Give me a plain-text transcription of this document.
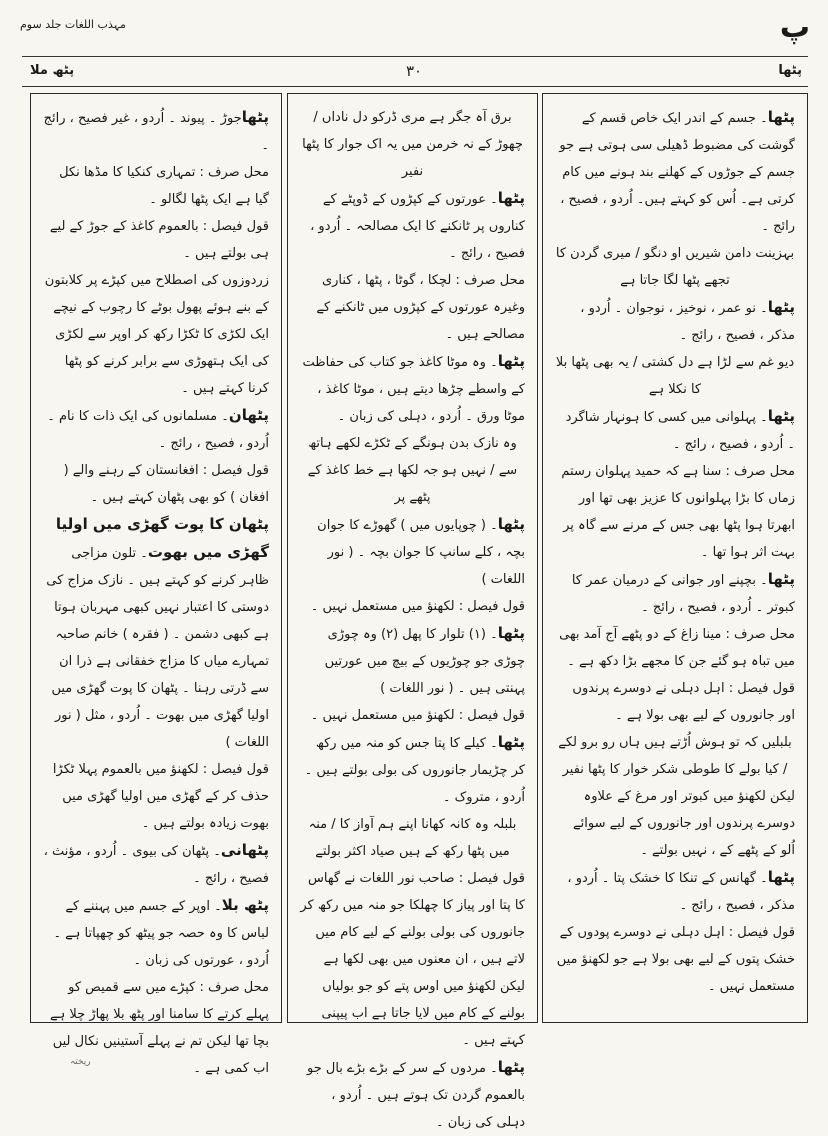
پ
مہذب اللغات جلد سوم
پٹھا
۳۰
پٹھ ملا

پٹھا۔ جسم کے اندر ایک خاص قسم کے گوشت کی مضبوط ڈھیلی سی ہوتی ہے جو جسم کے جوڑوں کے کھلنے بند ہونے میں کام کرتی ہے۔ اُس کو کہتے ہیں۔ اُردو ، فصیح ، رائج ۔

بہزینت دامن شیریں او دنگو / میری گردن کا تجھے پٹھا لگا جاتا ہے

پٹھا۔ نو عمر ، نوخیز ، نوجوان ۔ اُردو ، مذکر ، فصیح ، رائج ۔

دیو غم سے لڑا ہے دل کشتی / یہ بھی پٹھا بلا کا نکلا ہے

پٹھا۔ پہلوانی میں کسی کا ہونہار شاگرد ۔ اُردو ، فصیح ، رائج ۔

محل صرف : سنا ہے کہ حمید پہلوان رستم زماں کا بڑا پہلوانوں کا عزیز بھی تھا اور ابھرتا ہوا پٹھا بھی جس کے مرنے سے گاہ پر بہت اثر ہوا تھا ۔

پٹھا۔ بچپنے اور جوانی کے درمیان عمر کا کبوتر ۔ اُردو ، فصیح ، رائج ۔

محل صرف : مینا زاغ کے دو پٹھے آج آمد بھی میں تباہ ہو گئے جن کا مجھے بڑا دکھ ہے ۔

قول فیصل : اہل دہلی نے دوسرے پرندوں اور جانوروں کے لیے بھی بولا ہے ۔

بلبلیں کہ تو ہوش اُڑتے ہیں ہاں رو برو لکے / کیا بولے کا طوطی شکر خوار کا پٹھا نفیر

لیکن لکھنؤ میں کبوتر اور مرغ کے علاوہ دوسرے پرندوں اور جانوروں کے لیے سوائے اُلو کے پٹھے کے ، نہیں بولتے ۔

پٹھا۔ گھانس کے تنکا کا خشک پتا ۔ اُردو ، مذکر ، فصیح ، رائج ۔

قول فیصل : اہل دہلی نے دوسرے پودوں کے خشک پتوں کے لیے بھی بولا ہے جو لکھنؤ میں مستعمل نہیں ۔

برق آہ جگر ہے مری ڈرکو دل ناداں / چھوڑ کے نہ خرمن میں یہ اک جوار کا پٹھا نفیر

پٹھا۔ عورتوں کے کپڑوں کے ڈوپٹے کے کناروں پر ٹانکنے کا ایک مصالحہ ۔ اُردو ، فصیح ، رائج ۔

محل صرف : لچکا ، گوٹا ، پٹھا ، کناری وغیرہ عورتوں کے کپڑوں میں ٹانکنے کے مصالحے ہیں ۔

پٹھا۔ وہ موٹا کاغذ جو کتاب کی حفاظت کے واسطے چڑھا دیتے ہیں ، موٹا کاغذ ، موٹا ورق ۔ اُردو ، دہلی کی زبان ۔

وہ نازک بدن ہونگے کے ٹکڑے لکھے ہاتھ سے / نہیں ہو جہ لکھا ہے خط کاغذ کے پٹھے پر

پٹھا۔ ( چوپایوں میں ) گھوڑے کا جوان بچہ ، کلے سانپ کا جوان بچہ ۔ ( نور اللغات )

قول فیصل : لکھنؤ میں مستعمل نہیں ۔

پٹھا۔ (۱) تلوار کا پھل (۲) وہ چوڑی چوڑی جو چوڑیوں کے بیچ میں عورتیں پہنتی ہیں ۔ ( نور اللغات )

قول فیصل : لکھنؤ میں مستعمل نہیں ۔

پٹھا۔ کیلے کا پتا جس کو منہ میں رکھ کر چڑیمار جانوروں کی بولی بولتے ہیں ۔ اُردو ، متروک ۔

بلبلہ وہ کانہ کھانا اپنے ہم آواز کا / منہ میں پٹھا رکھ کے ہیں صیاد اکثر بولتے

قول فیصل : صاحب نور اللغات نے گھاس کا پتا اور پیاز کا چھلکا جو منہ میں رکھ کر جانوروں کی بولی بولنے کے لیے کام میں لاتے ہیں ، ان معنوں میں بھی لکھا ہے لیکن لکھنؤ میں اوس پتے کو جو بولیاں بولنے کے کام میں لایا جاتا ہے اب پیپنی کہتے ہیں ۔

پٹھا۔ مردوں کے سر کے بڑے بڑے بال جو بالعموم گردن تک ہوتے ہیں ۔ اُردو ، دہلی کی زبان ۔

پٹھاجوڑ ۔ پیوند ۔ اُردو ، غیر فصیح ، رائج ۔

محل صرف : تمہاری کنکیا کا مڈھا نکل گیا ہے ایک پٹھا لگالو ۔

قول فیصل : بالعموم کاغذ کے جوڑ کے لیے ہی بولتے ہیں ۔

زردوزوں کی اصطلاح میں کپڑے پر کلابتون کے بنے ہوئے پھول بوٹے کا رچوب کے نیچے ایک لکڑی کا ٹکڑا رکھ کر اوپر سے لکڑی کی ایک ہتھوڑی سے برابر کرنے کو پٹھا کرنا کہتے ہیں ۔

پٹھان۔ مسلمانوں کی ایک ذات کا نام ۔ اُردو ، فصیح ، رائج ۔

قول فیصل : افغانستان کے رہنے والے ( افغان ) کو بھی پٹھان کہتے ہیں ۔

پٹھان کا پوت گھڑی میں اولیا گھڑی میں بھوت۔ تلون مزاجی ظاہر کرنے کو کہتے ہیں ۔ نازک مزاج کی دوستی کا اعتبار نہیں کبھی مہربان ہوتا ہے کبھی دشمن ۔ ( فقرہ ) خانم صاحبہ تمہارے میاں کا مزاج خفقانی ہے ذرا ان سے ڈرتی رہنا ۔ پٹھان کا پوت گھڑی میں اولیا گھڑی میں بھوت ۔ اُردو ، مثل ( نور اللغات )

قول فیصل : لکھنؤ میں بالعموم پہلا ٹکڑا حذف کر کے گھڑی میں اولیا گھڑی میں بھوت زیادہ بولتے ہیں ۔

پٹھانی۔ پٹھان کی بیوی ۔ اُردو ، مؤنث ، فصیح ، رائج ۔

پٹھ بلا۔ اوپر کے جسم میں پہننے کے لباس کا وہ حصہ جو پیٹھ کو چھپاتا ہے ۔ اُردو ، عورتوں کی زبان ۔

محل صرف : کپڑے میں سے قمیص کو پہلے کرتے کا سامنا اور پٹھ بلا پھاڑ چلا ہے بچا تھا لیکن تم نے پہلے آستینیں نکال لیں اب کمی ہے ۔

ریختہ
